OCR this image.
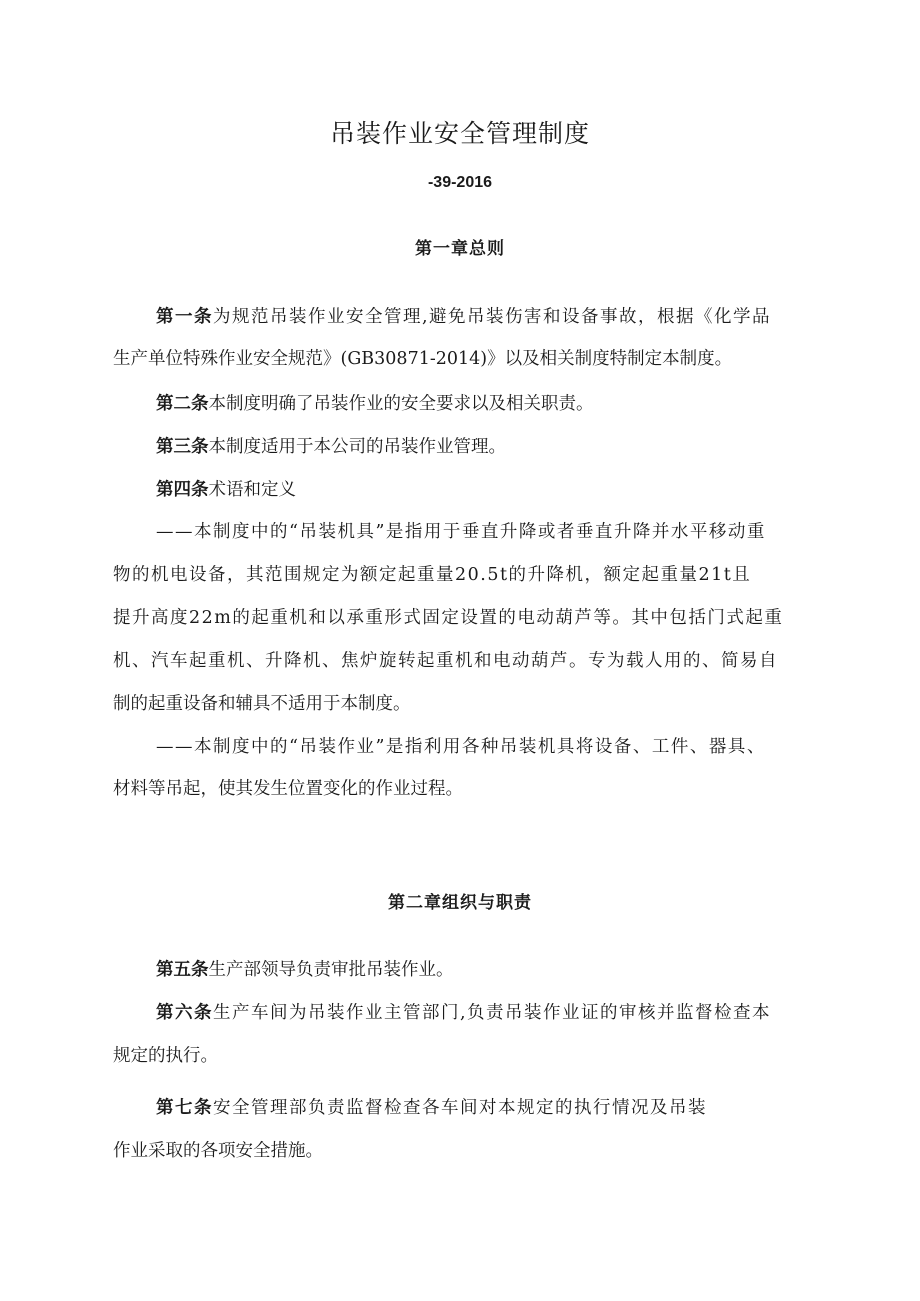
吊装作业安全管理制度
-39-2016
第一章总则
第一条为规范吊装作业安全管理,避免吊装伤害和设备事故，根据《化学品
生产单位特殊作业安全规范》(GB30871-2014)》以及相关制度特制定本制度。
第二条本制度明确了吊装作业的安全要求以及相关职责。
第三条本制度适用于本公司的吊装作业管理。
第四条术语和定义
——本制度中的“吊装机具”是指用于垂直升降或者垂直升降并水平移动重
物的机电设备，其范围规定为额定起重量20.5t的升降机，额定起重量21t且
提升高度22m的起重机和以承重形式固定设置的电动葫芦等。其中包括门式起重
机、汽车起重机、升降机、焦炉旋转起重机和电动葫芦。专为载人用的、简易自
制的起重设备和辅具不适用于本制度。
——本制度中的“吊装作业”是指利用各种吊装机具将设备、工件、器具、
材料等吊起，使其发生位置变化的作业过程。
第二章组织与职责
第五条生产部领导负责审批吊装作业。
第六条生产车间为吊装作业主管部门,负责吊装作业证的审核并监督检查本
规定的执行。
第七条安全管理部负责监督检查各车间对本规定的执行情况及吊装
作业采取的各项安全措施。
